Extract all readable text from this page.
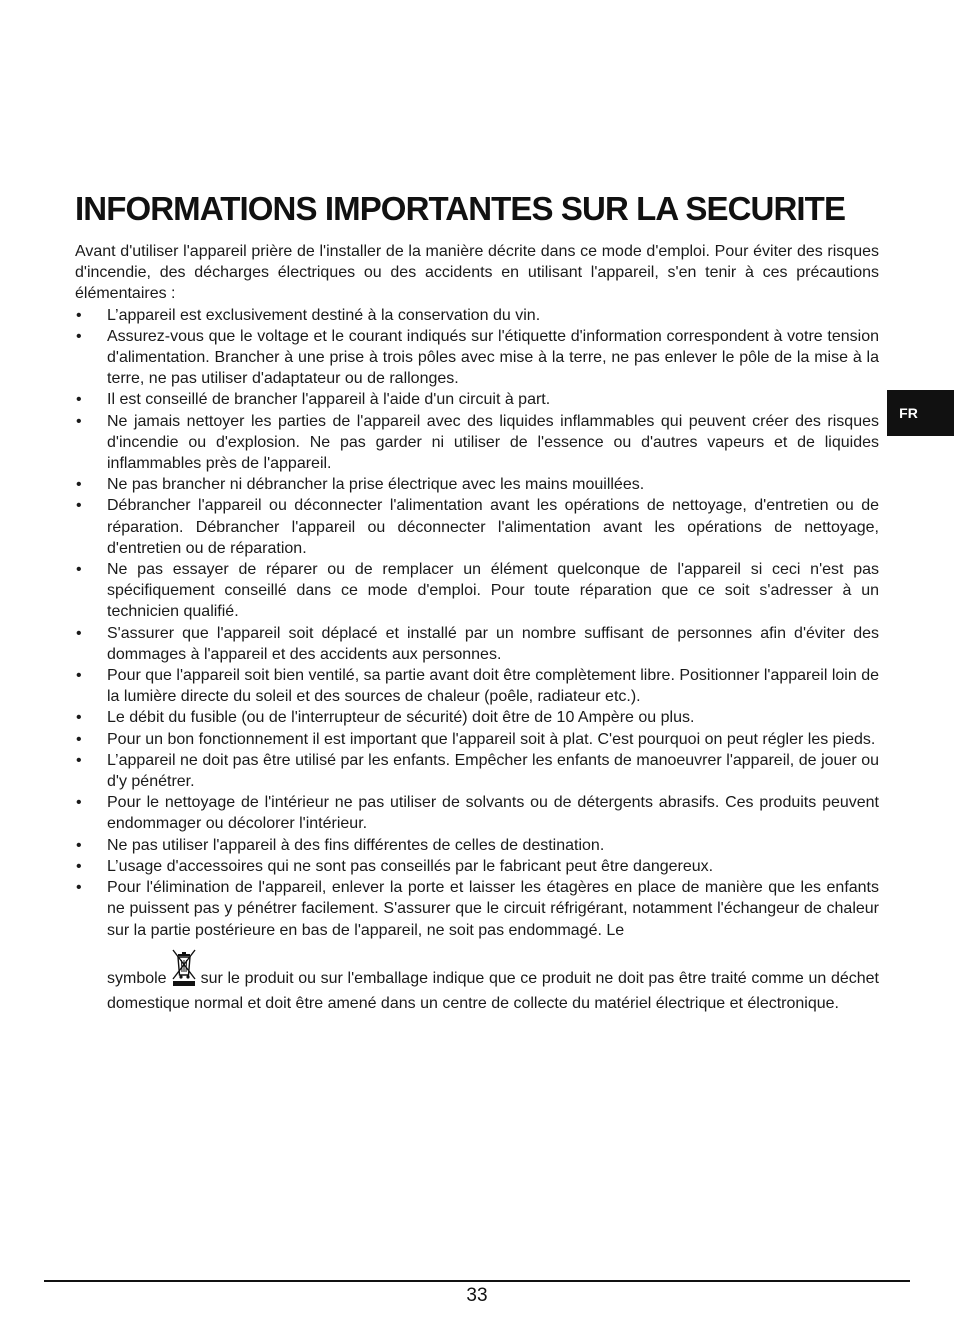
INFORMATIONS IMPORTANTES SUR LA SECURITE
FR

Avant d'utiliser l'appareil prière de l'installer de la manière décrite dans ce mode d'emploi. Pour éviter des risques d'incendie, des décharges électriques ou des accidents en utilisant l'appareil, s'en tenir à ces précautions élémentaires :

• L’appareil est exclusivement destiné à la conservation du vin.
• Assurez-vous que le voltage et le courant indiqués sur l'étiquette d'information correspondent à votre tension d'alimentation. Brancher à une prise à trois pôles avec mise à la terre, ne pas enlever le pôle de la mise à la terre, ne pas utiliser d'adaptateur ou de rallonges.
• Il est conseillé de brancher l'appareil à l'aide d'un circuit à part.
• Ne jamais nettoyer les parties de l'appareil avec des liquides inflammables qui peuvent créer des risques d'incendie ou d'explosion. Ne pas garder ni utiliser de l'essence ou d'autres vapeurs et de liquides inflammables près de l'appareil.
• Ne pas brancher ni débrancher la prise électrique avec les mains mouillées.
• Débrancher l'appareil ou déconnecter l'alimentation avant les opérations de nettoyage, d'entretien ou de réparation. Débrancher l'appareil ou déconnecter l'alimentation avant les opérations de nettoyage, d'entretien ou de réparation.
• Ne pas essayer de réparer ou de remplacer un élément quelconque de l'appareil si ceci n'est pas spécifiquement conseillé dans ce mode d'emploi. Pour toute réparation que ce soit s'adresser à un technicien qualifié.
• S'assurer que l'appareil soit déplacé et installé par un nombre suffisant de personnes afin d'éviter des dommages à l'appareil et des accidents aux personnes.
• Pour que l'appareil soit bien ventilé, sa partie avant doit être complètement libre. Positionner l'appareil loin de la lumière directe du soleil et des sources de chaleur (poêle, radiateur etc.).
• Le débit du fusible (ou de l'interrupteur de sécurité) doit être de 10 Ampère ou plus.
• Pour un bon fonctionnement il est important que l'appareil soit à plat. C'est pourquoi on peut régler les pieds.
• L’appareil ne doit pas être utilisé par les enfants. Empêcher les enfants de manoeuvrer l'appareil, de jouer ou d'y pénétrer.
• Pour le nettoyage de l'intérieur ne pas utiliser de solvants ou de détergents abrasifs. Ces produits peuvent endommager ou décolorer l'intérieur.
• Ne pas utiliser l'appareil à des fins différentes de celles de destination.
• L’usage d'accessoires qui ne sont pas conseillés par le fabricant peut être dangereux.
• Pour l'élimination de l'appareil, enlever la porte et laisser les étagères en place de manière que les enfants ne puissent pas y pénétrer facilement. S'assurer que le circuit réfrigérant, notamment l'échangeur de chaleur sur la partie postérieure en bas de l'appareil, ne soit pas endommagé. Le
symbole sur le produit ou sur l'emballage indique que ce produit ne doit pas être traité comme un déchet domestique normal et doit être amené dans un centre de collecte du matériel électrique et électronique.
33
